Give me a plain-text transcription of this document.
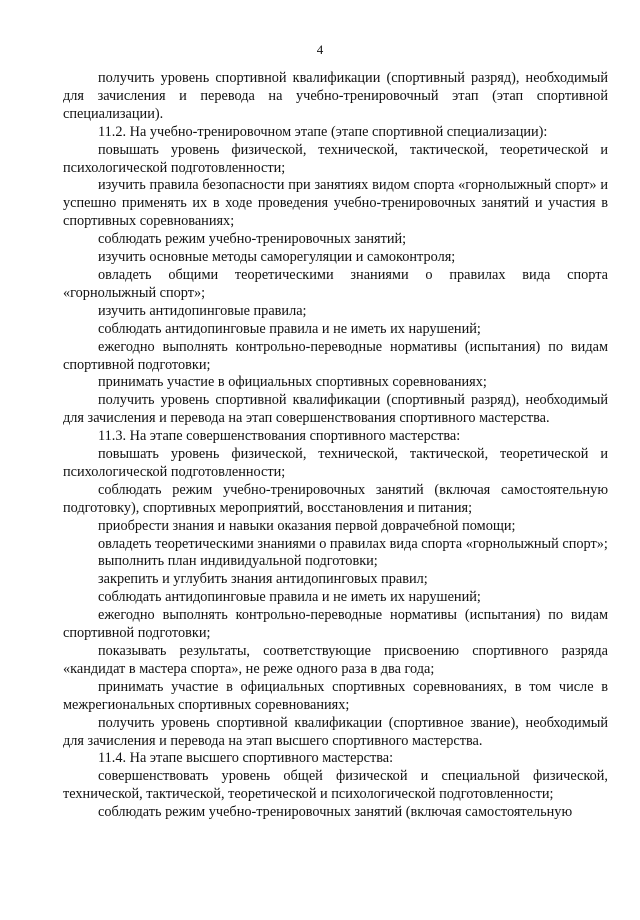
4

получить уровень спортивной квалификации (спортивный разряд), необходимый для зачисления и перевода на учебно-тренировочный этап (этап спортивной специализации).

11.2. На учебно-тренировочном этапе (этапе спортивной специализации):

повышать уровень физической, технической, тактической, теоретической и психологической подготовленности;

изучить правила безопасности при занятиях видом спорта «горнолыжный спорт» и успешно применять их в ходе проведения учебно-тренировочных занятий и участия в спортивных соревнованиях;

соблюдать режим учебно-тренировочных занятий;

изучить основные методы саморегуляции и самоконтроля;

овладеть общими теоретическими знаниями о правилах вида спорта «горнолыжный спорт»;

изучить антидопинговые правила;

соблюдать антидопинговые правила и не иметь их нарушений;

ежегодно выполнять контрольно-переводные нормативы (испытания) по видам спортивной подготовки;

принимать участие в официальных спортивных соревнованиях;

получить уровень спортивной квалификации (спортивный разряд), необходимый для зачисления и перевода на этап совершенствования спортивного мастерства.

11.3. На этапе совершенствования спортивного мастерства:

повышать уровень физической, технической, тактической, теоретической и психологической подготовленности;

соблюдать режим учебно-тренировочных занятий (включая самостоятельную подготовку), спортивных мероприятий, восстановления и питания;

приобрести знания и навыки оказания первой доврачебной помощи;

овладеть теоретическими знаниями о правилах вида спорта «горнолыжный спорт»;

выполнить план индивидуальной подготовки;

закрепить и углубить знания антидопинговых правил;

соблюдать антидопинговые правила и не иметь их нарушений;

ежегодно выполнять контрольно-переводные нормативы (испытания) по видам спортивной подготовки;

показывать результаты, соответствующие присвоению спортивного разряда «кандидат в мастера спорта», не реже одного раза в два года;

принимать участие в официальных спортивных соревнованиях, в том числе в межрегиональных спортивных соревнованиях;

получить уровень спортивной квалификации (спортивное звание), необходимый для зачисления и перевода на этап высшего спортивного мастерства.

11.4. На этапе высшего спортивного мастерства:

совершенствовать уровень общей физической и специальной физической, технической, тактической, теоретической и психологической подготовленности;

соблюдать режим учебно-тренировочных занятий (включая самостоятельную
